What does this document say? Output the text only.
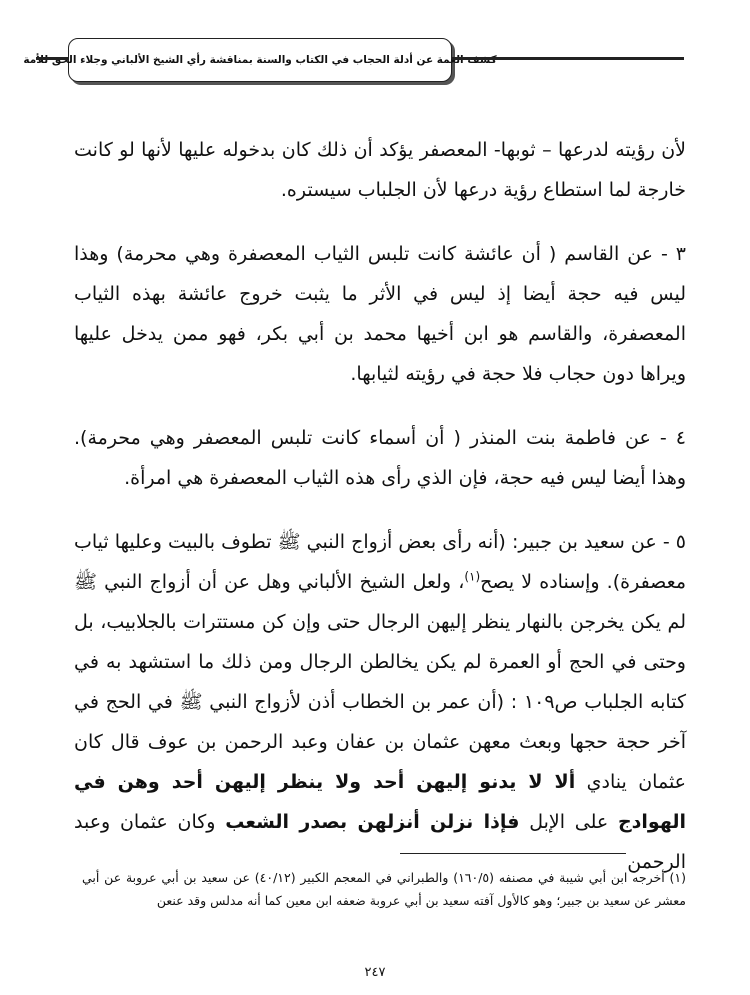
كشف الغمة عن أدلة الحجاب في الكتاب والسنة بمناقشة رأي الشيخ الألباني وجلاء الحق للأمة

لأن رؤيته لدرعها – ثوبها- المعصفر يؤكد أن ذلك كان بدخوله عليها لأنها لو كانت خارجة لما استطاع رؤية درعها لأن الجلباب سيستره.

٣ - عن القاسم ( أن عائشة كانت تلبس الثياب المعصفرة وهي محرمة) وهذا ليس فيه حجة أيضا إذ ليس في الأثر ما يثبت خروج عائشة بهذه الثياب المعصفرة، والقاسم هو ابن أخيها محمد بن أبي بكر، فهو ممن يدخل عليها ويراها دون حجاب فلا حجة في رؤيته لثيابها.

٤ - عن فاطمة بنت المنذر ( أن أسماء كانت تلبس المعصفر وهي محرمة). وهذا أيضا ليس فيه حجة، فإن الذي رأى هذه الثياب المعصفرة هي امرأة.

٥ - عن سعيد بن جبير: (أنه رأى بعض أزواج النبي ﷺ تطوف بالبيت وعليها ثياب معصفرة). وإسناده لا يصح$^{(١)}$، ولعل الشيخ الألباني وهل عن أن أزواج النبي ﷺ لم يكن يخرجن بالنهار ينظر إليهن الرجال حتى وإن كن مستترات بالجلابيب، بل وحتى في الحج أو العمرة لم يكن يخالطن الرجال ومن ذلك ما استشهد به في كتابه الجلباب ص١٠٩ : (أن عمر بن الخطاب أذن لأزواج النبي ﷺ في الحج في آخر حجة حجها وبعث معهن عثمان بن عفان وعبد الرحمن بن عوف قال كان عثمان ينادي ألا لا يدنو إليهن أحد ولا ينظر إليهن أحد وهن في الهوادج على الإبل فإذا نزلن أنزلهن بصدر الشعب وكان عثمان وعبد الرحمن

(١) أخرجه ابن أبي شيبة في مصنفه (١٦٠/٥) والطبراني في المعجم الكبير (٤٠/١٢) عن سعيد بن أبي عروبة عن أبي معشر عن سعيد بن جبير؛ وهو كالأول آفته سعيد بن أبي عروبة ضعفه ابن معين كما أنه مدلس وقد عنعن
٢٤٧
